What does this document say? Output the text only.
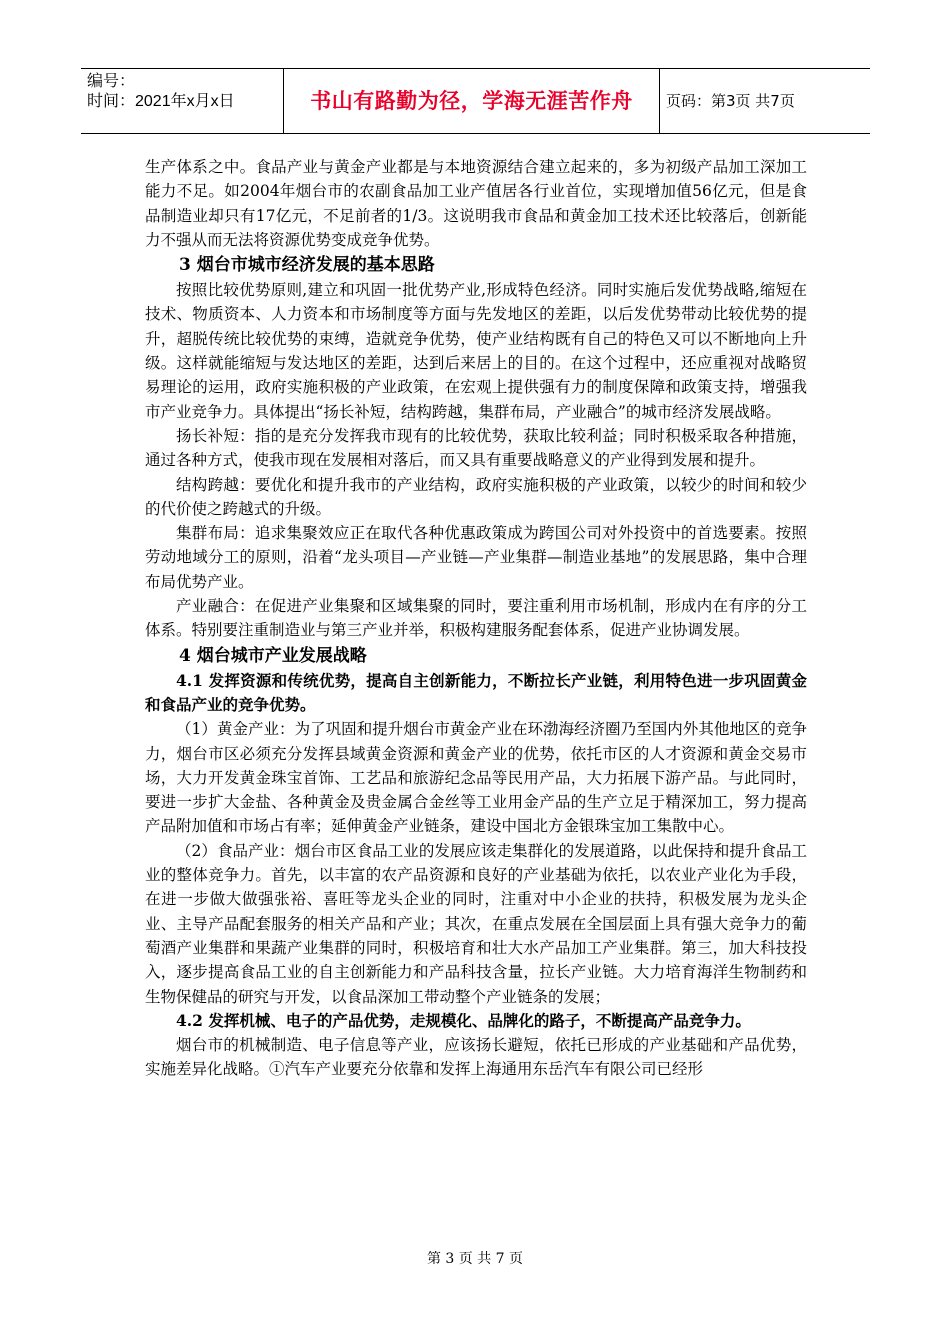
编号：
时间：2021年x月x日	书山有路勤为径，学海无涯苦作舟	页码：第3页 共7页

生产体系之中。食品产业与黄金产业都是与本地资源结合建立起来的，多为初级产品加工深加工能力不足。如2004年烟台市的农副食品加工业产值居各行业首位，实现增加值56亿元，但是食品制造业却只有17亿元，不足前者的1/3。这说明我市食品和黄金加工技术还比较落后，创新能力不强从而无法将资源优势变成竞争优势。

3 烟台市城市经济发展的基本思路

按照比较优势原则,建立和巩固一批优势产业,形成特色经济。同时实施后发优势战略,缩短在技术、物质资本、人力资本和市场制度等方面与先发地区的差距，以后发优势带动比较优势的提升，超脱传统比较优势的束缚，造就竞争优势，使产业结构既有自己的特色又可以不断地向上升级。这样就能缩短与发达地区的差距，达到后来居上的目的。在这个过程中，还应重视对战略贸易理论的运用，政府实施积极的产业政策，在宏观上提供强有力的制度保障和政策支持，增强我市产业竞争力。具体提出“扬长补短，结构跨越，集群布局，产业融合”的城市经济发展战略。

扬长补短：指的是充分发挥我市现有的比较优势，获取比较利益；同时积极采取各种措施，通过各种方式，使我市现在发展相对落后，而又具有重要战略意义的产业得到发展和提升。

结构跨越：要优化和提升我市的产业结构，政府实施积极的产业政策，以较少的时间和较少的代价使之跨越式的升级。

集群布局：追求集聚效应正在取代各种优惠政策成为跨国公司对外投资中的首选要素。按照劳动地域分工的原则，沿着“龙头项目—产业链—产业集群—制造业基地”的发展思路，集中合理布局优势产业。

产业融合：在促进产业集聚和区域集聚的同时，要注重利用市场机制，形成内在有序的分工体系。特别要注重制造业与第三产业并举，积极构建服务配套体系，促进产业协调发展。

4 烟台城市产业发展战略
4.1 发挥资源和传统优势，提高自主创新能力，不断拉长产业链，利用特色进一步巩固黄金和食品产业的竞争优势。

（1）黄金产业：为了巩固和提升烟台市黄金产业在环渤海经济圈乃至国内外其他地区的竞争力，烟台市区必须充分发挥县域黄金资源和黄金产业的优势，依托市区的人才资源和黄金交易市场，大力开发黄金珠宝首饰、工艺品和旅游纪念品等民用产品，大力拓展下游产品。与此同时，要进一步扩大金盐、各种黄金及贵金属合金丝等工业用金产品的生产立足于精深加工，努力提高产品附加值和市场占有率；延伸黄金产业链条，建设中国北方金银珠宝加工集散中心。

（2）食品产业：烟台市区食品工业的发展应该走集群化的发展道路，以此保持和提升食品工业的整体竞争力。首先，以丰富的农产品资源和良好的产业基础为依托，以农业产业化为手段，在进一步做大做强张裕、喜旺等龙头企业的同时，注重对中小企业的扶持，积极发展为龙头企业、主导产品配套服务的相关产品和产业；其次，在重点发展在全国层面上具有强大竞争力的葡萄酒产业集群和果蔬产业集群的同时，积极培育和壮大水产品加工产业集群。第三，加大科技投入，逐步提高食品工业的自主创新能力和产品科技含量，拉长产业链。大力培育海洋生物制药和生物保健品的研究与开发，以食品深加工带动整个产业链条的发展；

4.2 发挥机械、电子的产品优势，走规模化、品牌化的路子，不断提高产品竞争力。

烟台市的机械制造、电子信息等产业，应该扬长避短，依托已形成的产业基础和产品优势，实施差异化战略。①汽车产业要充分依靠和发挥上海通用东岳汽车有限公司已经形

第 3 页 共 7 页
